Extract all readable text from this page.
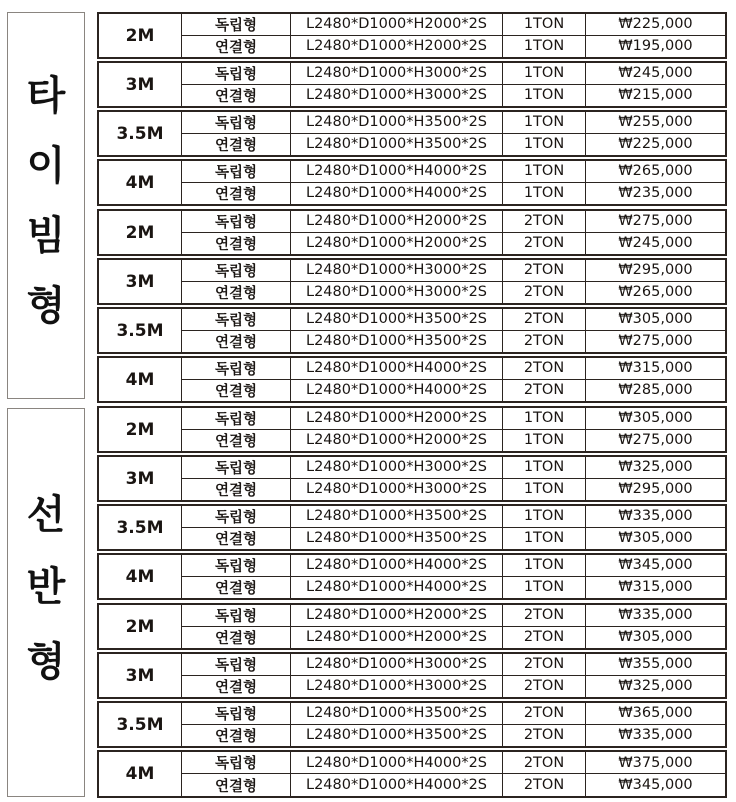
타
이
빔
형
선
반
형
2M	독립형	L2480*D1000*H2000*2S	1TON	₩225,000
연결형	L2480*D1000*H2000*2S	1TON	₩195,000
3M	독립형	L2480*D1000*H3000*2S	1TON	₩245,000
연결형	L2480*D1000*H3000*2S	1TON	₩215,000
3.5M	독립형	L2480*D1000*H3500*2S	1TON	₩255,000
연결형	L2480*D1000*H3500*2S	1TON	₩225,000
4M	독립형	L2480*D1000*H4000*2S	1TON	₩265,000
연결형	L2480*D1000*H4000*2S	1TON	₩235,000
2M	독립형	L2480*D1000*H2000*2S	2TON	₩275,000
연결형	L2480*D1000*H2000*2S	2TON	₩245,000
3M	독립형	L2480*D1000*H3000*2S	2TON	₩295,000
연결형	L2480*D1000*H3000*2S	2TON	₩265,000
3.5M	독립형	L2480*D1000*H3500*2S	2TON	₩305,000
연결형	L2480*D1000*H3500*2S	2TON	₩275,000
4M	독립형	L2480*D1000*H4000*2S	2TON	₩315,000
연결형	L2480*D1000*H4000*2S	2TON	₩285,000
2M	독립형	L2480*D1000*H2000*2S	1TON	₩305,000
연결형	L2480*D1000*H2000*2S	1TON	₩275,000
3M	독립형	L2480*D1000*H3000*2S	1TON	₩325,000
연결형	L2480*D1000*H3000*2S	1TON	₩295,000
3.5M	독립형	L2480*D1000*H3500*2S	1TON	₩335,000
연결형	L2480*D1000*H3500*2S	1TON	₩305,000
4M	독립형	L2480*D1000*H4000*2S	1TON	₩345,000
연결형	L2480*D1000*H4000*2S	1TON	₩315,000
2M	독립형	L2480*D1000*H2000*2S	2TON	₩335,000
연결형	L2480*D1000*H2000*2S	2TON	₩305,000
3M	독립형	L2480*D1000*H3000*2S	2TON	₩355,000
연결형	L2480*D1000*H3000*2S	2TON	₩325,000
3.5M	독립형	L2480*D1000*H3500*2S	2TON	₩365,000
연결형	L2480*D1000*H3500*2S	2TON	₩335,000
4M	독립형	L2480*D1000*H4000*2S	2TON	₩375,000
연결형	L2480*D1000*H4000*2S	2TON	₩345,000
